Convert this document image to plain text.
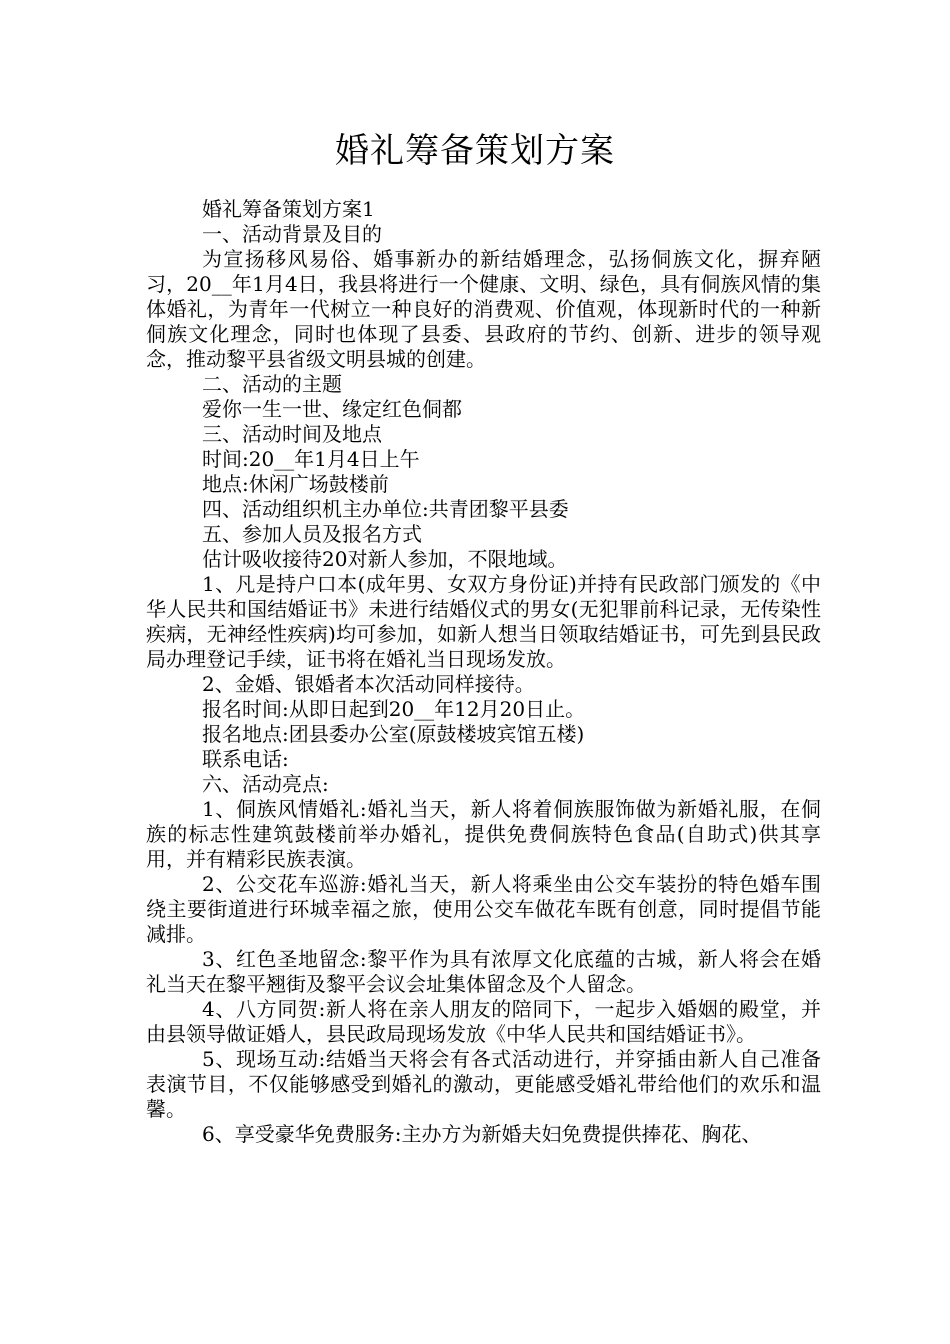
婚礼筹备策划方案

婚礼筹备策划方案1

一、活动背景及目的

为宣扬移风易俗、婚事新办的新结婚理念，弘扬侗族文化，摒弃陋习，20__年1月4日，我县将进行一个健康、文明、绿色，具有侗族风情的集体婚礼，为青年一代树立一种良好的消费观、价值观，体现新时代的一种新侗族文化理念，同时也体现了县委、县政府的节约、创新、进步的领导观念，推动黎平县省级文明县城的创建。

二、活动的主题

爱你一生一世、缘定红色侗都

三、活动时间及地点

时间:20__年1月4日上午

地点:休闲广场鼓楼前

四、活动组织机主办单位:共青团黎平县委

五、参加人员及报名方式

估计吸收接待20对新人参加，不限地域。

1、凡是持户口本(成年男、女双方身份证)并持有民政部门颁发的《中华人民共和国结婚证书》未进行结婚仪式的男女(无犯罪前科记录，无传染性疾病，无神经性疾病)均可参加，如新人想当日领取结婚证书，可先到县民政局办理登记手续，证书将在婚礼当日现场发放。

2、金婚、银婚者本次活动同样接待。

报名时间:从即日起到20__年12月20日止。

报名地点:团县委办公室(原鼓楼坡宾馆五楼)

联系电话:

六、活动亮点:

1、侗族风情婚礼:婚礼当天，新人将着侗族服饰做为新婚礼服，在侗族的标志性建筑鼓楼前举办婚礼，提供免费侗族特色食品(自助式)供其享用，并有精彩民族表演。

2、公交花车巡游:婚礼当天，新人将乘坐由公交车装扮的特色婚车围绕主要街道进行环城幸福之旅，使用公交车做花车既有创意，同时提倡节能减排。

3、红色圣地留念:黎平作为具有浓厚文化底蕴的古城，新人将会在婚礼当天在黎平翘街及黎平会议会址集体留念及个人留念。

4、八方同贺:新人将在亲人朋友的陪同下，一起步入婚姻的殿堂，并由县领导做证婚人，县民政局现场发放《中华人民共和国结婚证书》。

5、现场互动:结婚当天将会有各式活动进行，并穿插由新人自己准备表演节目，不仅能够感受到婚礼的激动，更能感受婚礼带给他们的欢乐和温馨。

6、享受豪华免费服务:主办方为新婚夫妇免费提供捧花、胸花、
